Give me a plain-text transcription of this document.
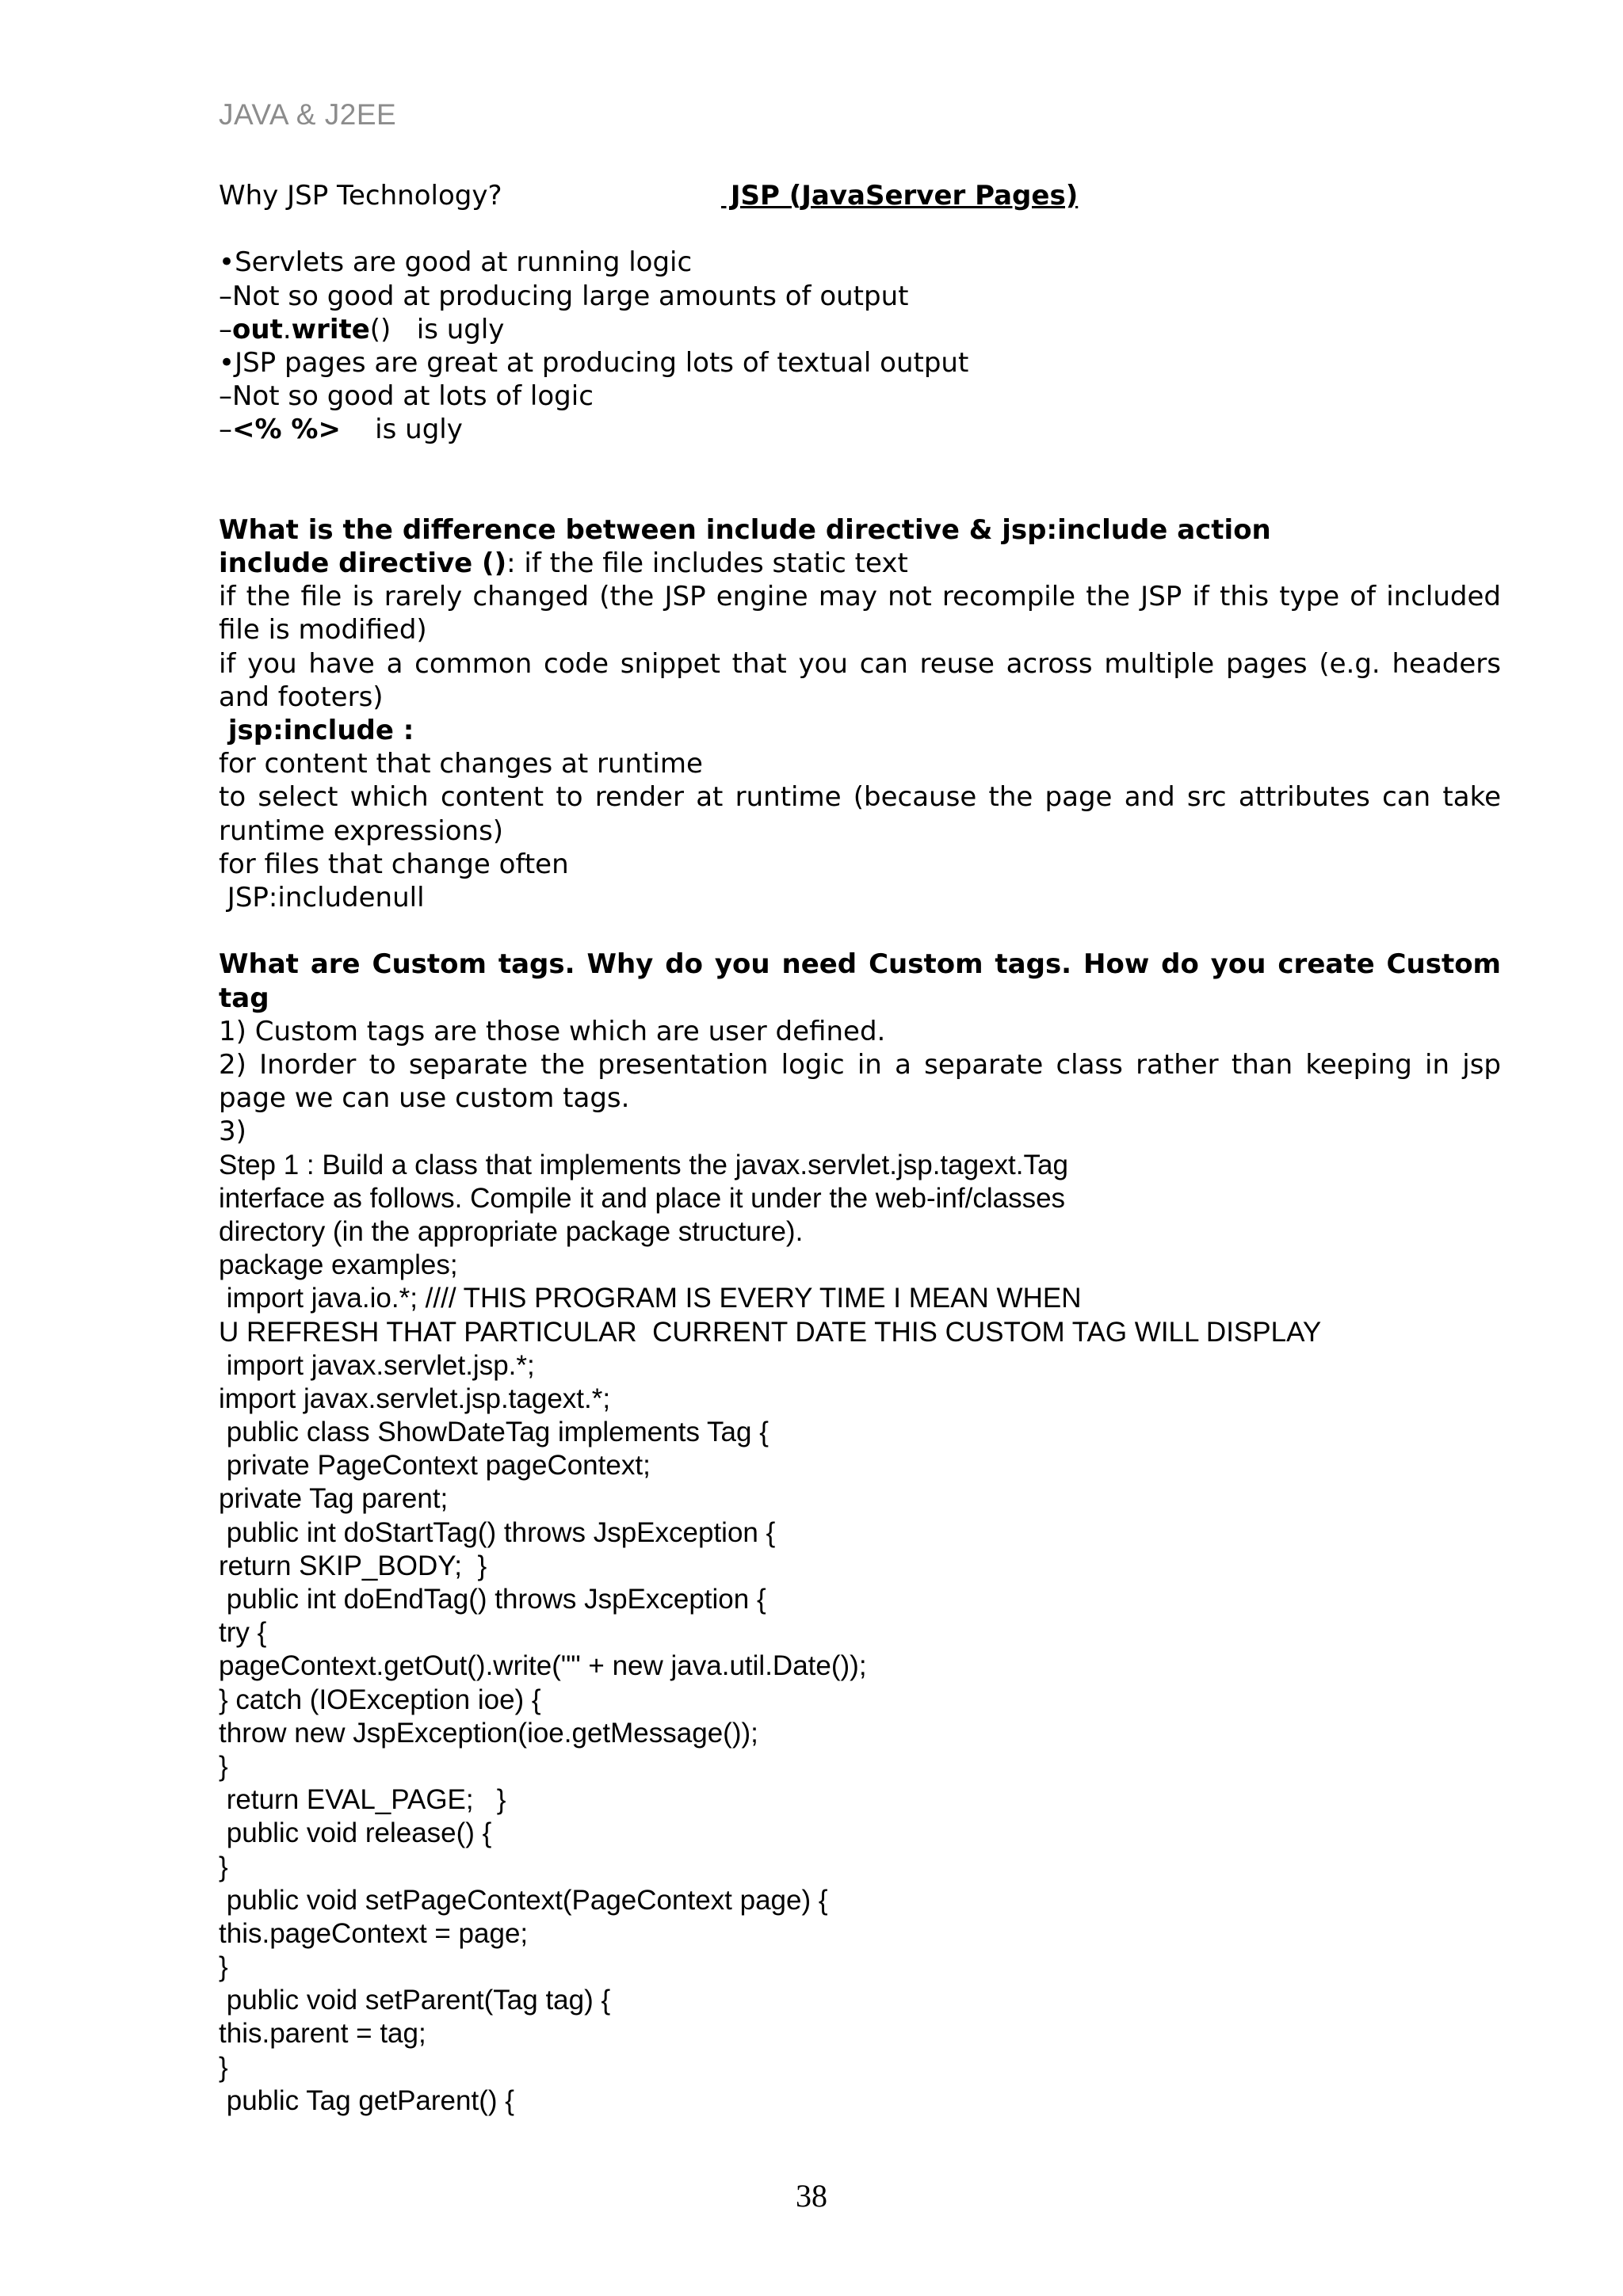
JAVA & J2EE
JSP (JavaServer Pages)
Why JSP Technology?
•Servlets are good at running logic
–Not so good at producing large amounts of output
–out.write()   is ugly
•JSP pages are great at producing lots of textual output
–Not so good at lots of logic
–<% %>    is ugly
What is the difference between include directive & jsp:include action
include directive (): if the file includes static text
if the file is rarely changed (the JSP engine may not recompile the JSP if this type of included file is modified)
if you have a common code snippet that you can reuse across multiple pages (e.g. headers and footers)
jsp:include :
for content that changes at runtime
to select which content to render at runtime (because the page and src attributes can take runtime expressions)
for files that change often
JSP:includenull
What are Custom tags. Why do you need Custom tags. How do you create Custom tag
1) Custom tags are those which are user defined.
2) Inorder to separate the presentation logic in a separate class rather than keeping in jsp page we can use custom tags.
3)
Step 1 : Build a class that implements the javax.servlet.jsp.tagext.Tag
interface as follows. Compile it and place it under the web-inf/classes
directory (in the appropriate package structure).
package examples;
import java.io.*; //// THIS PROGRAM IS EVERY TIME I MEAN WHEN
U REFRESH THAT PARTICULAR  CURRENT DATE THIS CUSTOM TAG WILL DISPLAY
import javax.servlet.jsp.*;
import javax.servlet.jsp.tagext.*;
public class ShowDateTag implements Tag {
private PageContext pageContext;
private Tag parent;
public int doStartTag() throws JspException {
return SKIP_BODY;  }
public int doEndTag() throws JspException {
try {
pageContext.getOut().write("" + new java.util.Date());
} catch (IOException ioe) {
throw new JspException(ioe.getMessage());
}
return EVAL_PAGE;   }
public void release() {
}
public void setPageContext(PageContext page) {
this.pageContext = page;
}
public void setParent(Tag tag) {
this.parent = tag;
}
public Tag getParent() {
38
